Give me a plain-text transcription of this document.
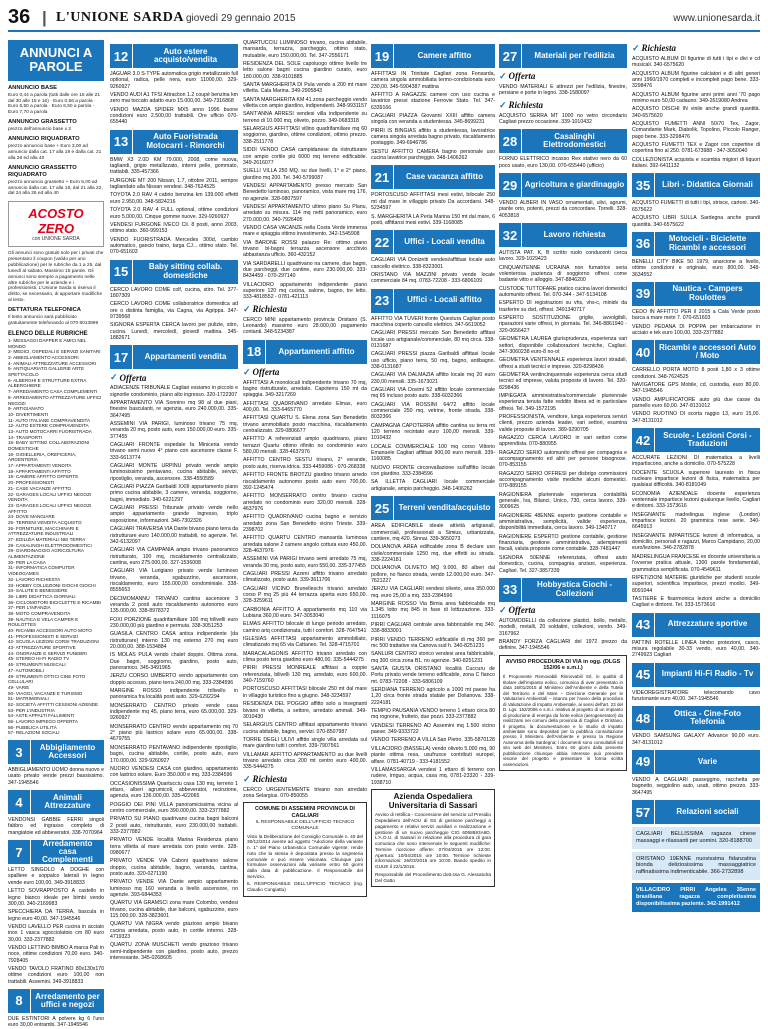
36 | L'UNIONE SARDA giovedì 29 gennaio 2015	www.unionesarda.it
ANNUNCI A PAROLE
ANNUNCIO BASE
Euro 0,44 a parola (tutti dalle ore 16 alle 21 dal 30 alle 15 e 16) · Euro 0,56 a parola · Euro 5,50 a parola · Euro 6,50 a parola · Euro 7,70 a parola
ANNUNCIO GRASSETTO
prezzo dell'annuncio base x 2
ANNUNCIO RIQUADRATO
prezzo annuncio base + Euro 3,00 ad annuncio dalla cat. 17 alla 19 e dalla cat. 21 alla 26 ed alla 40
ANNUNCIO GRASSETTO RIQUADRATO
prezzo annuncio grassetto + Euro 5,00 ad annuncio dalla cat. 17 alla 19, dal 21 alla 22, dal 24 alla 26 ed alla 40
ACOSTO ZERO
con UNIONE SARDA
Gli annunci sono gratuiti solo per i privati che presentano il coupon (valido per uno pubblicazione) per le rubriche da 1 a 25, dal lunedì al sabato. Massimo 15 parole. Gli annunci sono sempre a pagamento nelle altre rubriche per le aziende e i professionisti. L'Unione Sarda si riserva il diritto, se necessario, di apportare modifiche al testo.
DETTATURA TELEFONICA
Il testo annuncio sarà pubblicato gratuitamente telefonando al 070 6013999
ELENCO DELLE RUBRICHE
1- MESSAGGI DAPPER E AMICI NEL MONDO
2- MEDICI, OSPEDALI E SERVIZI SANITARI
3- ABBIGLIAMENTO ACCESSORI
4- ANIMALI ATTREZZATURE ACCESSORI
5- ANTIQUARIATO GALLERIE ARTE SPETTACOLO
6- ALBERGHI E STRUTTURE EXTRA ALBERGHIERE
7- ARREDAMENTO CASA COMPLEMENTI
8- ARREDAMENTO ATTREZZATURE UFFICI NEGOZI
9- ARTIGIANATO
10- DIVERTIMENTI
11- AUTO ITALIANE COMPRAVENDITA
12- AUTO ESTERE COMPRAVENDITA
13- AUTO MOTOCARRI FUORISTRADA
14- TRASPORTI
15- BABY SITTING COLLABORAZIONI DOMESTICHE
16- GIOIELLERIA, OREFICERIA, ARGENTERIA
17- APPARTAMENTI VENDITA
18- APPARTAMENTI AFFITTO
19- CAMERE AFFITTO OFFERTE
20- PROFESSIONISTI
21- CASE VACANZE AFFITTO
22- GARAGES LOCALI UFFICI NEGOZI VENDITA
23- GARAGES LOCALI UFFICI NEGOZI AFFITTO
24- DOVE MANGIARE
25- TERRENI VENDITA ACQUISTO
26- FORNITURE, MACCHINARI E ATTREZZATURE INDUSTRIALI
27- EDILIZIA MATERIALI NEI TERRA
28- CASALINGHI ELETTRODOMESTICI
29- GIARDINAGGIO AGRICOLTURA ALIMENTAZIONE
30- PER LA CASA
31- INFORMATICA COMPUTER VIDEOGAMES
32- LAVORO RICHIESTA
33- HOBBY COLLEZIONI GIOCHI GIOCHI
34- SALUTE E BENESSERE
35- LIBRI DIDATTICA GIORNALI
36- CICLOMOTORI BICICLETTE E RICAMBI
37- PER L'INFANZIA
38- MOTO COMPRAVENDITA
39- NAUTICA E VELA CAMPER E ROULOTTES
40- RICAMBI ACCESSORI AUTO MOTO
41- PROFESSIONISTI E SERVIZI
42- SCUOLA LEZIONI CORSI TRADUZIONI
43- ATTREZZATURE SPORTIVE
44- ONORANZE E SERVIZI FUNEBRI
45- STEREO HI-FI RADIO TV
46- STRUMENTI MUSICALI
47- AUTOMOBILI
48- STRUMENTI OTTICI CINE FOTO CELLULARI
49- VARIE
50- VIAGGI, VACANZE E TURISMO
51- MATRIMONIALI
52- SOCIETÀ AFFITTI CESSIONI AZIENDE
53- PER L'INDUSTRIA
54- ASTE APPALTI FALLIMENTI
55- LAVORO IMPIEGO OFFERTA
56- PUBBLICA UTILITÀ
57- RELAZIONI SOCIALI
3	Abbigliamento Accessori
ABBIGLIAMENTO UOMO donna nuovo e usato privato vende prezzi bassissimo. 347-1945546
4	Animali Attrezzature
VENDONSI GABBIE FERRI singoli fabbro ed ingrasso completo di mangiatoie ed abbeveratoi. 338-7070964
7
Arredamento casa Complementi
LETTO SINGOLO A DOGHE con spalliere e soppalco laterali in legno vende euro 100,00. 349-3918833
LETTO SOVRAPPOSTO A castello in legno bianco ideale per bimbi vendo 300,00. 340-2169983
SPECCHIERA DA TERRA, bascula in legno euro 40,00. 347-1945546
VENDO LAVELLO PER cucina in acciaio inox 1 vasca sgocciolatoio cm 80 euro 30,00. 333-2377882
VENDO LETTINO BIMBO A marca Pali in noce, ottime condizioni 70,00 euro. 340-7928405
VENDO TAVOLO FRATINO 80x130x170 ottime condizioni euro 100,00 non trattabili. Assemini. 349-3918833
8	Arredamento per uffici e negozi
DUE ESTINTORI A polvere kg 6 l'uno euro 30,00 entrambi. 347-1945546
12	Auto estere acquisto/vendita
JAGUAR 3.0 S-TYPE automatica grigio metallizzato full optional, radica, pelle nera, euro 11000,00. 329-9260927
VENDO AUDI A1 TFSI Attraction 1.2 coupé benzina km zero mai toccato adatto euro 15.000,00. 349-7316868
VENDO MAZDA SPIDER MX5 anno 1996 buone condizioni euro 2.500,00 trattabili. Ore ufficio 070-655440
13	Auto Fuoristrada Motocarri - Rimorchi
BMW X3 2.0D KM 79.000, 2008, come nuova, tagliandi, grigio metallizzato, interni pelle, gommato, trattabili. 335-457366
FURGONE MT 200 Nissan, 1.7, ottobre 2011, sempre tagliandato alla Nissan vendesi. 348-7624525
TOYOTA 2.0 RAV 4 cabrio benzina km 139.000 effetti euro 2.950,00. 348-5824216
TOYOTA 2.0 RAV 4 FULL optional, ottime condizioni euro 5.000,00. Cinque gomme nuove. 329-9260927
VENDESI FURGONE IVECO Cil. 8 posti, anno 2003, ottimo stato. 360-999153
VENDO FUORISTRADA Mercedes 300d, cambio automatico, gancio traino, targa CJ... ottimo stato. Tel. 070-651603
15	Baby sitting collab. domestiche
CERCO LAVORO COME colf, cucina, stiro. Tel. 377-1807309
CERCO LAVORO COME collaboratrice domestica ad ore o distinta famiglia, via Cagna, via Agrippa. 347-9739568
SIGNORA ESPERTA CERCA lavoro per pulizie, stiro, cucina. Lunedì, mercoledì, giovedì mattina. 345-1882671
17	Appartamenti vendita
✓ Offerta
ADIACENZE TRIBUNALE Cagliari essiamo in piccolo e signorile condominio, piano alto ingresso. 320-1722307
APPARTAMENTO VIA Sonnino mq 98 al due piani, finestre basculanti, re agenzia, euro 240.000,00. 335-3647495
ASSEMINI VIA PARIGI, luminoso trivano 75 mq, veranda 20 mq, posto auto, euro 150.000,00 euro. 335-377455
CAGLIARI FRONTE ospedale fa Miniceria vendo trivano semi nuovo 4° piano con ascensore classe F. 333-6613774
CAGLIARI MONTE URPINU privato vende ampio luminosissimo pentavano, cucina abitabile, servizi, ripostiglio, veranda, ascensore. 338-4550589
CAGLIARI PIAZZA Garibaldi XXIII appartamento piano primo cucina abitabile, 3 camere, veranda, soggiorno, bagni, immediato. 340-6221297
CAGLIARI PRESSI Tribunale privato vende nello ampio appartamento grande ingresso, triplo esposizione, informazioni. 346-7302326
CAGLIARI TRAVERSA VIA Dante bivano piano terra da ristrutturare euro 140.000,00 trattabili, no agenzie. Tel. 342-6132097
CAGLIARI VIA CAMPANIA ampio trivano panoramico ristrutturato, 100 mq, riscaldamento centralizzato, cantina, euro 275.000,00. 327-1536008
CAGLIARI VIA Lurigiano privato vende luminoso trivano, veranda, sgabuzzino, ascensore, riscaldamento, euro 155.000,00 condominiale. 338-8555653
DECIMOMANNU TRIVANO cantina ascensore 3 veranda 2 posti auto riscaldamento autonomo euro 135.000,00. 338-8978372
FOXI PORZIONE quadrifamiliare 100 mq trilivelli euro 230.000,00 più giardino e permuta. 338-3051253
GUASILA CENTRO CASA antica indipendente (da ristrutturare) interno 130 mq esterno 270 mq euro 20.000,00. 388-1534884
IS MOLAS PULA vendo chalet doppio. Ottima zona. Due bagni, soggiorno, giardino, posto auto, panoramico. 345-3491965
JERZU CORSO UMBERTO vendo appartamento con doppio accesso, piano terra 240,00 mq. 333-2384596
MARGINE ROSSO indipendente trilivello in panoramica fra località posti auto. 329-6292294
MONSERRATO CENTRO privato vende casa indipendente mq 45, piano terra, euro 65.000,00. 329-9260927
MONSERRATO CENTRO vendo appartamento mq 70 2° piano più lastrico solare euro 65.000,00. 338-4679755
MONSERRATO PENTAVANO indipendente ripostiglio, bagni, cucina abitabile, cortile, posto auto, euro 170.000,00. 329-9260927
NUORO VENDESI CASA con giardino, appartamento con lastrico solare. Euro 350.000 e mq. 333-2384596
OCCASIONISSIMA Quartucciu casa 130 mq, terreno 1 ettaro, alberi agrumicoli, abbeveratoi, recinzione, agenzia, euro 136.000,00. 335-422065
POGGIO DEI PINI VILLA panoramicissima vicina al centro commerciale, euro 390.000,00. 333-2377882
PRIVATO SU PIANO quadrivano cucina bagni balconi 2 posti auto, ristrutturato, euro 230.000,00 trattabili. 333-2377882
PRIVATO VENDE località Marina Residenza piano terra villetta al mare arredata con prato verde. 328-0980677
PRIVATO VENDE VIA Caboni quadrivano salone doppio, cucina abitabile, bagno, veranda, cantina, posto auto. 320-0271190
PRIVATO VENDE VIA Dante ampio appartamento luminoso mq 160 veranda a livello ascensore, no agenzie. 393-6844353
QUARTU VIA GRAMSCI zona mare Colombo, vendesi trivano, cucina abitabile, due balconi, sgabuzzino, euro 115.000,00. 328-3823601
QUARTU VIA NIGRA vendo grazioso ampio bivano cucina arredata, posto auto, in cortile interno. 328-4719323
QUARTU ZONA MUSCHETI vendo grazioso trivano semi-indipendente con giardino, posto auto, prezzo interessante. 345-0268605
QUARTUCCIU LUMINOSO trivano, cucina abitabile, mansarda, terrazza, parcheggio, ottimo stato, mutuabile, euro 150.000,00. Tel. 347-2556171
RESIDENZA DEL SOLE capoluogo ottimo livello tre letto salone bagni cucina giardino curato, euro 180.000,00. 338-9101885
SANTA MARGHERITA DI Pula vendo a 200 mt mare villetta. Cala Marina. 349-2905843
SANTA MARGHERITA KM 41 zona parcheggio vendo villetta con ampio giardino, indipendenti. 348-9931157
SANT'ANNA ARRESI vendesi villa indipendente su terreno di 10.000 mq, oliveto, pozzo. 349-0683318
SELARGIUS AFFITTASI villino quadrifamiliare mq 60 soggiorno, giardino, ottime condizioni, ottimo prezzo. 338-2511778
SIDDI VENDO CASA campidanese da ristrutturare con ampio cortile più 6000 mq terreno edificabile. 349-2616077
SUELLI VILLA 250 MQ. su due livelli, 1° e 2° piano, giardino mq 200. Tel. 340-5799087
VENDESI APPARTAMENTO presso mercato San Benedetto luminoso, panoramico, vista mare mq 176, no agenzie. 328-0807597
VENDESI APPARTAMENTO ultimo piano Su Planu, arredato su misura. 114 mq netti panoramico, euro 270.000,00. 340-7926405
VENDO CASA VACANZE nella Costa Verde immersa mare e spiaggia ottimo investimento. 342-1545908
VIA BARONE ROSSI palazzo Re: ottimo piano trivano bi-bagni terrazza ascensore arcchivio abbastanza ufficio. 360-432152
VIA SARDARELLI quadrivano na camere, due bagni, due parcheggi, due cantine, euro 230.000,00. 333-8434459 - 070-297140
VILLACIDRO appartamento indipendente piano superiore 120 mq cucina, salone, bagno, tre letto. 333-4818552 - 0781-421113
✓ Richiesta
CERCO MINI appartamento provincia Oristano (S. Leonardo) massimo euro 28.000,00 pagamento contanti. 348-5234387
18	Appartamenti affitto
✓ Offerta
AFFITTASI A monolocali indipendente trivano 70 mq, bagno ristrutturato, arredato. Capoterra 150 mt da spiaggia. 349-3217269
AFFITTASI QUADRIVANO arredato Elmas, euro 400,00. Tel. 333-6465770
AFFITTASI QUARTU S. Elena zona San Benedetto trivano ammobiliato posto macchina, riscaldamento centralizzato. 329-0806677
AFFITTO A referenziati ampio quadrivano, piano terrazzi Quartu ottimo rifinito no condominio euro 580,00 mensili. 328-4637976
AFFITTO CENTRO SESTU trivano, 2° verande, posto auto, riserva idrica. 333-4459086 - 070-268338
AFFITTO FRONTE BROTZU giardino trivano arredo riscaldamento autonomo posto auto euro 700,00. 392-1245474
AFFITTO MONSERRATO centro bivano cucina arredato no condominio euro 320,00 mensili. 328-4637976
AFFITTO QUADRIVANO cucina bagno e servizio arredato zona San Benedetto vicino Trieste. 339-2398702
AFFITTO QUARTU CENTRO mansarda luminosa arredata salone 2 camere angolo cottura euro 450,00. 328-4637976
ASSEMINI VIA PARIGI trivano semi arredato 75 mq, veranda 30 mq, posto auto, euro 550,00. 335-377455
CAGLIARI PRESSI Azzeni affitto trivano arredato climatizzato, posto auto. 339-3611706
CAGLIARI VICINO Brunelleschi trivano arredato corso P mq 25 più 44 terrazza aperta euro 650,00. 328-3259611
CARBONIA AFFITTO A appartamento mq 110 via Lubiana 360,00 euro. 347-3053040
ELMAS AFFITTO bilocale di lungo periodo arredato, camino ariq condizionata, tutti i comfort. 328-7647541
IGLESIAS AFFITTASI appartamento ammobiliato, climatizzato mq 65 via Cattaneo. Tel. 328-4715701
MARACALAGONIS AFFITTO trivano arredato con clima posto terra giardino euro 480,00. 335-5444275
PIRRI PRESSI MONREALE affittasi a coppie referenziata, bilivelli 130 mq, arredato, euro 600,00. 340-7159760
PORTOSCUSO AFFITTASI bilocale 250 mt dal mare in villaggio turistico fino a giugno. 348-3234597
RESIDENZA DEL POGGIO affitto solo a insegnanti bivano in villetta, a settore, arredato ammali. 349-3010430
SELARGIUS CENTRO affittasi appartamento trivano cucina abitabile, bagno, servizi. 070-8507987
TORRE DEGLI ULIVI affitto single villa arredata sul mare giardino tutti i comfort. 339-7907561
VILLAMAR AFFITTO APPARTAMENTO su due livelli trivano arredato circa 200 mt centro euro 400,00. 335-5444275
✓ Richiesta
CERCO URGENTEMENTE trivano non arredato zona Selargius. 070-850055
COMUNE DI ASSEMINI PROVINCIA DI CAGLIARI
IL RESPONSABILE DELL'UFFICIO TECNICO COMUNALE

Visto la Deliberazione del Consiglio Comunale n. 40 del 30/12/2014 avente ad oggetto "Adozione della variante n. 1" del Piano Urbanistico Comunale vigente; rende noto che la stessa è depositata presso la segreteria comunale e può essere visionata. Chiunque può formulare osservazioni alla variante entro 60 giorni dalla data di pubblicazione. Il Responsabile del Servizio.

IL RESPONSABILE DELL'UFFICIO TECNICO (Ing. Claudio Congiattu)

19	Camere affitto
AFFITTASI IN Trinitate Cagliari zona Fonsarda, camera singola ammobiliata termo-condizionata euro 230,00. 345-5904387 mattina
AFFITTO A RAGAZZE camere con uso cucina e lavatrice pressi stazione Ferrovie Stato. Tel. 347-6339166
CAGLIARI PIAZZA Giovanni XXIII affitto camera singola con veranda a studentessa. 345-8699231
PIRRI IS BINGIAS affitto a studentessa, lavoratrice camera singola arredata bagno privato, riscaldamento postaggio. 349-6946786
SESTU AFFITTO CAMERA bagno personale uso cucina lavatrice parcheggio. 348-1406262
21	Case vacanza affitto
PORTOSCUSO AFFITTASI mesi estivi, bilocale 250 mt dal mare in villaggio privato Da accordarsi. 348-5234597
S. MARGHERITA LA Perla Marina 150 mt dal mare, 6 posti, affittansi mesi estivi. 339-1168085
22	Uffici - Locali vendita
CAGLIARI VIA Donizetti vendesi/affittasi locale auto cancello elettrico. 338-8323001
ORISTANO VIA MAZZINI privato vende locale commerciale 84 mq. 0783-72208 - 333-6806109
23	Uffici - Locali affitto
AFFITTO VIA TUVERI fronte Questura Cagliari posto macchina coperto cancello elettrico. 347-6619052
CAGLIARI PRESSI mercato San Benedetto affitasi locale uso artigianale/commerciale, 80 mq circa. 338-0131687
CAGLIARI PRESSI piazza Garibaldi affittasi locale uso ufficio, piano terra, 50 mq, bagno, antibagno. 338-0131687
CAGLIARI VIA DALMAZIA affitto locale mq 20 euro 230,00 mensili. 335-1673021
CAGLIARI VIA Dovimi 52 affitto locale commerciale mq 65 incluso posto auto. 338-6032366
CAGLIARI VIA ROSSINI 64/72 affitto locale commerciale 250 mq, vetrine, fronte strada. 338-8032366
CAMPAGNA CAPOTERRA affitto cantina su terra mt 120 terreno recintato euro 100,00 mensili. 339-1010432
LOCALE COMMERCIALE 100 mq corso Vittorio Emanuele Cagliari affittasi 900,00 euro mensili. 339-1160085
NUOVO FRONTE circonvallazione sull'affitto locale con giardino. 333-2384596
SA ILLETTA CAGLIARI locale commerciale artigianale, ampio parcheggio. 348-1406262
25	Terreni vendita/acquisto
AREA EDIFICABILE ideale attività artigianali, commerciali, professionali a Simius, urbanizzata, cantiere, mq 420. Sinnai. 339-3650273
DOLIANOVA AREA edificabile zona B declare uso civile/commerciale 1250 mq, due effetti su strada. 338-2224181
DOLIANOVA OLIVETO MQ 9.000, 80 alberi dal pollore, no fianco strada, vendo 12.000,00 euro. 347-7621227
JERZU VIA CAGLIARI vendesi oliveto, area 350.000 mq. euro 25,00 a mq. 333-2384596
MARGINE ROSSO Via Bimia area fabbricabile mq 1.345 lotto mq 845 in fase di lottizzazione. 333-1116075
PIRRI CAGLIARI centrale area fabbricabile mq 340. 338-8833001
PIRRI VENDO TERRENO edificabile di mq 360 per mc 500 trattative via Canova sud h. 340-8251231
SANLURI CENTRO storico vendesi area fabbricabile, mq 300 circa zona B1, no agenzie. 340-8251231
SANTA GIUSTA ORISTANO località Cuccuru de Portu privato vende terreno edificabile, zona C fianco mt. 0783-72208 - 333-6806109
SERDIANA TERRENO agricolo a 1000 mt paese ha 1,20 circa fronte strada statale per Dolianova. 338-2224181
TEMPIO PAUSANIA VENDO terreno 1 ettaro circa 80 mq rognone, frutteto, due pozzi. 333-2377882
VENDESI TERRENO AD Assemini mq 1.500 vicino paese. 349-9333722
VENDO TERRENO A VILLA San Pietro. 335-5870128
VILLACIDRO (BASSELA) vendo oliveto 5.000 mq, 90 piante ottima resa, usufrusce contributi europei, affare. 0781-40719 - 333-4181552
VILLAMASSARGIA vendesi 1 ettaro di terreno con rudere, irriguo, acqua, casa mq. 0781-23320 - 339-1938710
Azienda Ospedaliera Universitaria di Sassari

Avviso di rettifica - Concessione del servizio cd Presidio Ospedaliero dell'AOU di SS di gestione parcheggi a pagamento e relativi servizi ausiliari e realizzazione e gestione di un nuovo parcheggio CIG 6058693A6D. L'A.O.U. di Sassari in relazione alla procedura di gara comunica che sono intervenute le seguenti modifiche: Termine ricezione offerte: 07/04/2015 ore 12:00. Apertura: 10/04/2015 ore 10:00. Termine richieste informazioni: 26/03/2015 ore 10:00. Bando spedito in GUUE il 22/1/2015.

Responsabile del Procedimento dott.ssa G. Alessandra Del Gatto

27	Materiali per l'edilizia
✓ Offerta
VENDO MATERIALI E attrezzi per l'edilizia, finestre, persiane e porte in legno. 338-1580097
✓ Richiesta
ACQUISTO SERRA MT 1000 no vetro circondario Cagliari prezzo occasione. 339-1010432
28	Casalinghi Elettrodomestici
FORNO ELETTRICO incasso Rex stativo nero da 60 poco usato, euro 130,00. 070-655440 (ufficio)
29 Agricoltura e giardinaggio
VENDO ALBERI IN VASO ornamentali, ulivi, agrumi, piante orto, potenti, prezzi da concordare. Torrelli. 328-4053818
32	Lavoro richiesta
AUTISTA PAT. K, B scritto ruolo conducenti cerca lavoro. 329-1029423
CINQUANTENNE UCRAINA non fumatrice seria volenterosa pazienza di soggiorno offresi come badante vitto e alloggio. 347-8846200
CUSTODE TUTTOFARE pratico cucina lavori domestici automunito offresi. Tel. 070-344 - 347-5134108
ESPERTO DI registrazioni su vhs, vhs-c, minidv da trasferire su dvd, offresi. 3491340717
ESPERTO SOSTITUZIONE griglie, avvolgibili, riparazioni varie offresi, in giornata. Tel. 346-8861940 - 320-0656427
GEOMETRA LAUREA giurisprudenza, esperienza vari settori, disponibile collaborazioni tecniche, Cagliari. 347-3060238 euro-8 no-ot
GEOMETRA VENTENNALE esperienza lavori stradali, offresi a studi tecnici e imprese. 320-8298436
GEOMETRA ventincinquennale esperienza cerca studi tecnici ed imprese, valuta proposte di lavoro. Tel. 320-8298436
IMPIEGATA amministrativa/commerciale pluriennale esperienza tenuta fatte reddito libera ed in particolare offresi. Tel. 349-1572195
PROFESSIONISTA, vendtore, lunga esperienza servizi clienti, prezzo azienda leader, vari settori, esamina valide proposte di lavoro. 389-9290705
RAGAZZO CERCA LAVORO in vari settori come apprendista. 070-880955
RAGAZZO SERIO automunito offresi per compagnia e accompagnamento ed altri per persone bisognose. 070-853155
RAGAZZO SERIO OFFRESI per disbrigo commissioni accompagnamento visite mediche alcuni domestici. 070-889155
RAGIONIERA pluriennale esperienza contabilità generale, Iva, Bilanci, Unico, 730, cerca lavoro. 339-3009625
RAGIONIERE 48ENNE esperto gestione contabile e amministrativa, semplicità, valide esperienza, disponibilità immediata, cerca lavoro. 349-1340717
RAGIONIERE ESPERTO gestione contabile, gestione finanziaria, gestione amministrativa, adempimenti fiscali, valuta proposte come contabile. 328-7481447
SIGNORA 50ENNE referenziata, offresi aiuto domestico, cucina, compagnia anziani, esperienza. Cagliari. Tel. 327-3857339
33	Hobbystica Giochi - Collezioni
✓ Offerta
AUTOMODELLI da collezione plastici, bollo, metallo, modelli, metalli, 20 soldatini, collezioni, vendo. 349-3167962
BRANDY FORZA CAGLIARI del 1972 prezzo da definire. 347-1945546
AVVISO PROCEDURA DI VIA in ogg. (DLGS 152/06 e s.m.i.)

Il Proponente Rinnovabili Rinnovabili Srl, in qualità di titolare dell'impianto eolico, comunica di aver presentato in data 16/01/2015 al Ministero dell'Ambiente e della Tutela del Territorio e del Mare – Direzione Generale per le Valutazioni Ambientali – istanza per l'avvio della procedura di Valutazione di Impatto Ambientale, ai sensi dell'art. 23 del D. Lgs. 152/2006 e s.m.i. relativa al progetto di un impianto di produzione di energia da fonte eolica (aerogeneratori) da realizzarsi nei comuni della provincia di Cagliari e Oristano. Il progetto, la documentazione e lo studio di impatto ambientale sono depositati per la pubblica consultazione presso il Ministero dell'Ambiente e presso la Regione Autonoma della Sardegna; i documenti sono consultabili sul sito web del Ministero. Entro 60 giorni dalla presente pubblicazione chiunque abbia interesse può prendere visione del progetto e presentare in forma scritta osservazioni.

✓ Richiesta
ACQUISTO ALBUM DI figurine di tutti i tipi e divi e cd musicali. 340-6575620
ACQUISTO ALBUM figurine calciatori e di altri generi anni 1960/1970 completi e incompleti pago bene. 333-3298476
ACQUISTO ALBUM figurine anni primi anni '70 pago minimo euro 50,00 cadauno. 349-2619080 Andrea
ACQUISTO DISCHI IN vinile anche grandi quantità. 340-6575620
ACQUISTO FUMETTI ANNI 50/70 Tex, Zagor, Comandante Mark, Diabolik, Topolino, Piccolo Ranger, pago bene. 333-3298476
ACQUISTO FUMETTI TEX e Zagor con copertine di copertina fino al 250. 0781-673988 - 347-3050040
COLLEZIONISTA acquista e scambia migiori di liquori italiani. 392-6411132
35	Libri - Didattica Giornali
ACQUISTO FUMETTI di tutti i tipi, strisce, cartoni. 340-6575622
ACQUISTO LIBRI SULLA Sardegna anche grandi quantità. 340-6575622
36	Motocicli - Biciclette Ricambi e accessori
BENELLI CITY BIKE 50 1979, anarcione a livello, ottime condizioni e originale, euro 800,00. 348-3634552
39	Nautica - Campers Roulottes
CEDO IN AFFITTO PER il 2015 a Cala Verde posto barca a mare metri 7. 070-651603
VENDO PEDANA DI POPPA per imbarcazione in acciaio e tek euro 100,00. 333-2377882
40	Ricambi e accessori Auto / Moto
CARRELLO PORTA MOTO 8 posti 1,80 x 3 ottime condizioni. 348-7624525
NAVIGATORE GPS Mobile, cd, custodia, euro 80,00. 347-1945546
VENDO AMPLIFICATORE auto più due casse da parnello euro 60,00. 347-8131012
VENDO RUOTINO DI scorta raggio 13, euro 15,00. 347-8131012
42	Scuole - Lezioni Corsi - Traduzioni
ACCURATE LEZIONI DI matematica a livelli impartiscono, anche a domicilio. 070-575228
DOCENTE SCUOLA superiore laureato in fisica nucleare impartisce lezioni di fisica, matematica per qualsiasi difficoltà. 340-8181049
ECONOMIA AZIENDALE docente esperienza ventennale impartisce lezioni qualunque livello, Cagliari e dintorni. 333-1573616
INSEGNANTE madrelingua inglese (London) impartisce lezioni. 20 grammica rese serie. 340-6645913
INSEGNANTE IMPARTISCE lezioni di informatica, a domicilio, personali e ragazzi, Marco Campidano, 20,00 euro/lezione. 346-2782878
MADRELINGUA FRANCESE ex docente universitaria a l'ovverse pratica attuale, 1300 parole fondamentali, grammatica semplificata. 070-4549611
RIPETIZIONI MATERIE giuridiche per studenti scuole superiori, scientifica impartisce, prezzi modici. 349-8091044
TASTIERE E fisarmonica lezioni anche a domicilio Cagliari e dintorni. Tel. 333-1573616
43	Attrezzature sportive
PATTINI ROTELLE LINEA bimbo protezioni, casco, misura regolabile 30-33 vendo, euro 40,00. 340-2749923 Cagliari
45	Impianti Hi-Fi Radio - Tv
VIDEOREGISTRATORE telecomando cavo funzionante euro 40,00. 347-1945546
48	Ottica - Cine-Foto Telefonia
VENDO SAMSUNG GALAXY Advance 90,00 euro. 347-8131012
49	Varie
VENDO A CAGLIARI passeggino, racchetta per bagnetto, seggiolino auto, usati, ottimo prezzo. 333-3647495
57	Relazioni sociali
CAGLIARI BELLISSIMA ragazza cinese massaggi e rilassanti per uomini. 320-8188700
ORISTANO 19ENNE nuovissima fidanzatina bionda deliziosissima massaggiatrice raffinatissima indimenticabile. 366-2732898
VILLACIDRO PIRRI Angeles 35enne brasiliana ragazza completissima disponibilissima paziente. 342-1991412
